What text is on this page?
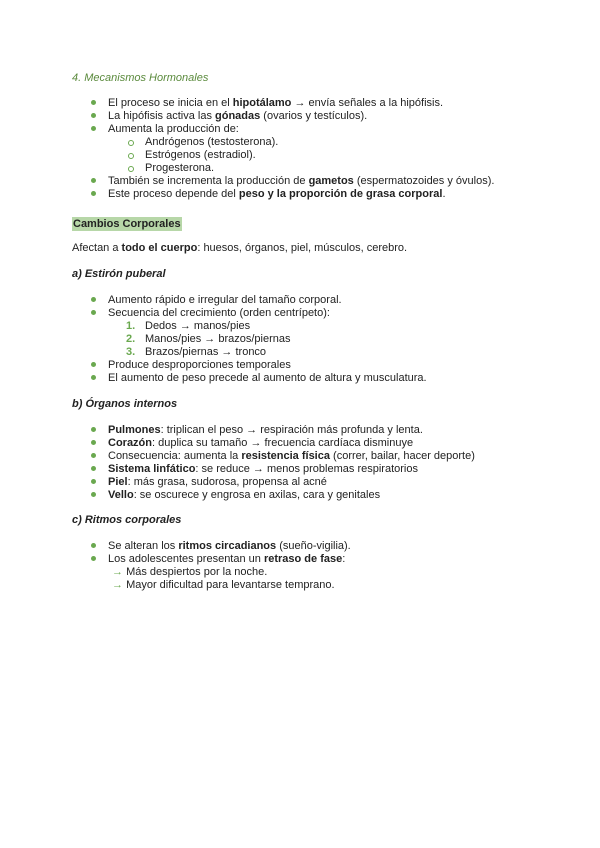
4. Mecanismos Hormonales
El proceso se inicia en el hipotálamo → envía señales a la hipófisis.
La hipófisis activa las gónadas (ovarios y testículos).
Aumenta la producción de:
Andrógenos (testosterona).
Estrógenos (estradiol).
Progesterona.
También se incrementa la producción de gametos (espermatozoides y óvulos).
Este proceso depende del peso y la proporción de grasa corporal.
Cambios Corporales
Afectan a todo el cuerpo: huesos, órganos, piel, músculos, cerebro.
a) Estirón puberal
Aumento rápido e irregular del tamaño corporal.
Secuencia del crecimiento (orden centrípeto):
1. Dedos → manos/pies
2. Manos/pies → brazos/piernas
3. Brazos/piernas → tronco
Produce desproporciones temporales
El aumento de peso precede al aumento de altura y musculatura.
b) Órganos internos
Pulmones: triplican el peso → respiración más profunda y lenta.
Corazón: duplica su tamaño → frecuencia cardíaca disminuye
Consecuencia: aumenta la resistencia física (correr, bailar, hacer deporte)
Sistema linfático: se reduce → menos problemas respiratorios
Piel: más grasa, sudorosa, propensa al acné
Vello: se oscurece y engrosa en axilas, cara y genitales
c) Ritmos corporales
Se alteran los ritmos circadianos (sueño-vigilia).
Los adolescentes presentan un retraso de fase:
→ Más despiertos por la noche.
→ Mayor dificultad para levantarse temprano.
